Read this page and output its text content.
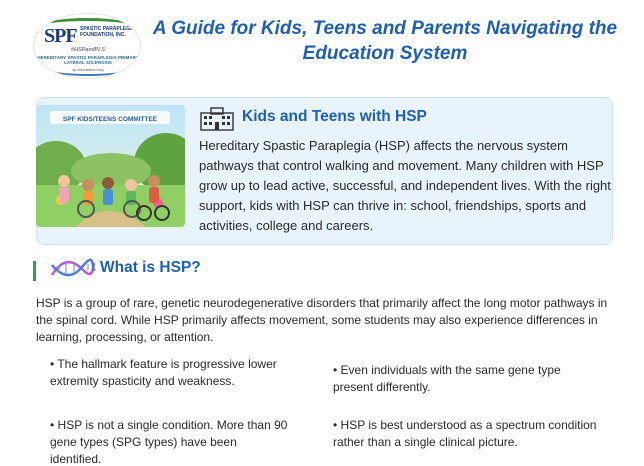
SPF SPASTIC PARAPLEGIA FOUNDATION, INC.
#HSPandPLS
HEREDITARY SPASTIC PARAPLEGIA PRIMARY LATERAL SCLEROSIS
sp-foundation.org
A Guide for Kids, Teens and Parents Navigating the Education System
SPF KIDS/TEENS COMMITTEE	Kids and Teens with HSP
Hereditary Spastic Paraplegia (HSP) affects the nervous system pathways that control walking and movement. Many children with HSP grow up to lead active, successful, and independent lives. With the right support, kids with HSP can thrive in: school, friendships, sports and activities, college and careers.
What is HSP?
HSP is a group of rare, genetic neurodegenerative disorders that primarily affect the long motor pathways in the spinal cord. While HSP primarily affects movement, some students may also experience differences in learning, processing, or attention.
• The hallmark feature is progressive lower extremity spasticity and weakness.
• Even individuals with the same gene type present differently.
• HSP is not a single condition. More than 90 gene types (SPG types) have been identified.
• HSP is best understood as a spectrum condition rather than a single clinical picture.
